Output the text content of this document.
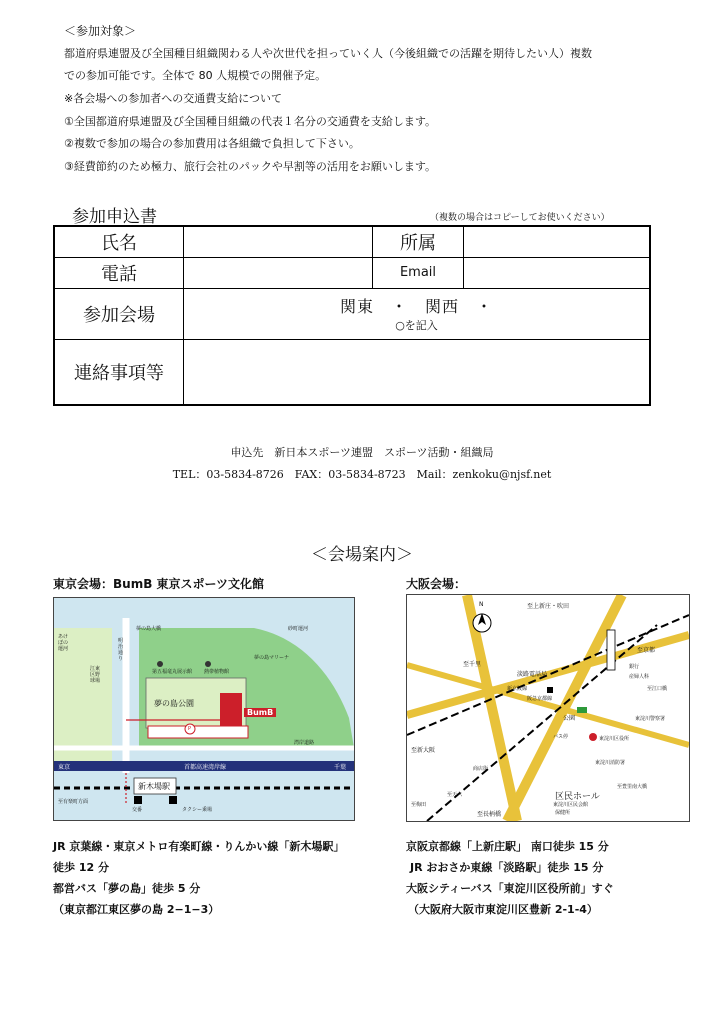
＜参加対象＞
都道府県連盟及び全国種目組織関わる人や次世代を担っていく人（今後組織での活躍を期待したい人）複数
での参加可能です。全体で 80 人規模での開催予定。
※各会場への参加者への交通費支給について
①全国都道府県連盟及び全国種目組織の代表１名分の交通費を支給します。
②複数で参加の場合の参加費用は各組織で負担して下さい。
③経費節約のため極力、旅行会社のパックや早割等の活用をお願いします。
参加申込書	（複数の場合はコピーしてお使いください）
氏名		所属	
電話		Email	
参加会場	関東　・　関西　・
○を記入		

連絡事項等			
申込先　新日本スポーツ連盟　スポーツ活動・組織局
TEL：03-5834-8726　FAX：03-5834-8723　Mail：zenkoku@njsf.net
＜会場案内＞
東京会場：BumB 東京スポーツ文化館	大阪会場：
あけぼの運河
江東区野球場
夢の島大橋	砂町運河
夢の島マリーナ
熱帯植物館
第五福竜丸展示館
夢の島公園
BumB
P
湾岸道路
首都高速湾岸線
東京	千葉
新木場駅
至有楽町方面
交番	タクシー乗場
明治通り
N	至上新庄・吹田
至京都
至千里
淡路電話局
新京阪線
阪急京都線
公園
銀行
産婦人科
至江口橋
東淀川警察署
バス停	東淀川区役所
東淀川消防署
区民ホール
東淀川区民会館
保健所
商店街
至新大阪
至梅田
至天六
至長柄橋
至豊里南大橋
JR 京葉線・東京メトロ有楽町線・りんかい線「新木場駅」
徒歩 12 分
都営バス「夢の島」徒歩 5 分
（東京都江東区夢の島 2−1−3）
京阪京都線「上新庄駅」 南口徒歩 15 分
JR おおさか東線「淡路駅」徒歩 15 分
大阪シティーバス「東淀川区役所前」すぐ
（大阪府大阪市東淀川区豊新 2-1-4）
